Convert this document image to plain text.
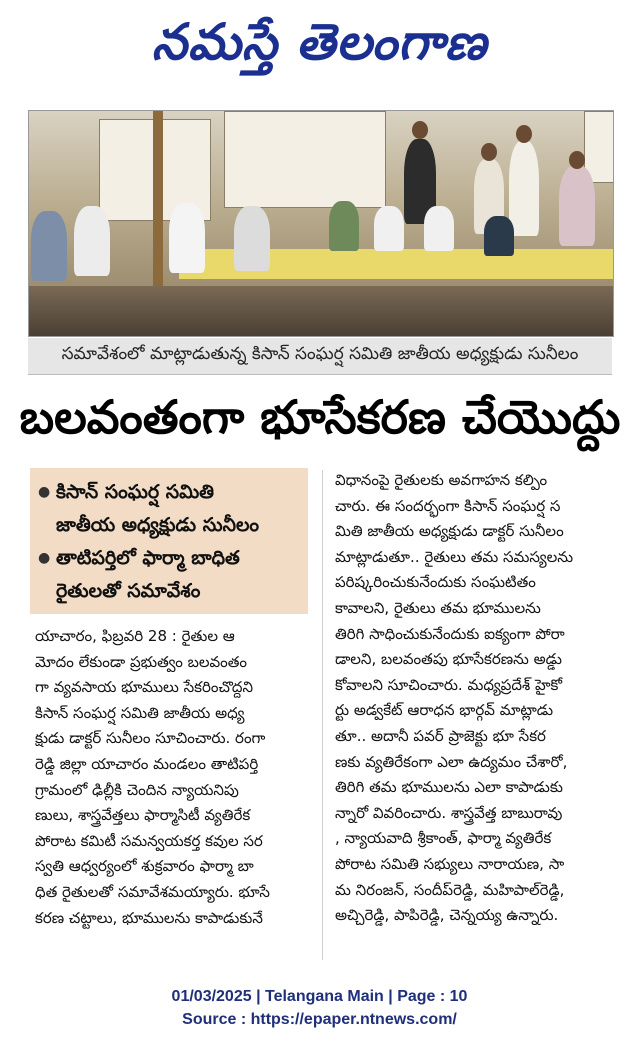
నమస్తే తెలంగాణ
సమావేశంలో మాట్లాడుతున్న కిసాన్ సంఘర్ష సమితి జాతీయ అధ్యక్షుడు సునీలం
బలవంతంగా భూసేకరణ చేయొద్దు
● కిసాన్ సంఘర్ష సమితి
జాతీయ అధ్యక్షుడు సునీలం
● తాటిపర్తిలో ఫార్మా బాధిత
రైతులతో సమావేశం

యాచారం, ఫిబ్రవరి 28 : రైతుల ఆ

మోదం లేకుండా ప్రభుత్వం బలవంతం

గా వ్యవసాయ భూములు సేకరించొద్దని

కిసాన్ సంఘర్ష సమితి జాతీయ అధ్య

క్షుడు డాక్టర్ సునీలం సూచించారు. రంగా

రెడ్డి జిల్లా యాచారం మండలం తాటిపర్తి

గ్రామంలో ఢిల్లీకి చెందిన న్యాయనిపు

ణులు, శాస్త్రవేత్తలు ఫార్మాసిటీ వ్యతిరేక

పోరాట కమిటీ సమన్వయకర్త కవుల సర

స్వతి ఆధ్వర్యంలో శుక్రవారం ఫార్మా బా

ధిత రైతులతో సమావేశమయ్యారు. భూసే

కరణ చట్టాలు, భూములను కాపాడుకునే

విధానంపై రైతులకు అవగాహన కల్పిం

చారు. ఈ సందర్భంగా కిసాన్ సంఘర్ష స

మితి జాతీయ అధ్యక్షుడు డాక్టర్ సునీలం

మాట్లాడుతూ.. రైతులు తమ సమస్యలను

పరిష్కరించుకునేందుకు సంఘటితం

కావాలని, రైతులు తమ భూములను

తిరిగి సాధించుకునేందుకు ఐక్యంగా పోరా

డాలని, బలవంతపు భూసేకరణను అడ్డు

కోవాలని సూచించారు. మధ్యప్రదేశ్ హైకో

ర్టు అడ్వకేట్ ఆరాధన భార్గవ్ మాట్లాడు

తూ.. అదానీ పవర్ ప్రాజెక్టు భూ సేకర

ణకు వ్యతిరేకంగా ఎలా ఉద్యమం చేశారో,

తిరిగి తమ భూములను ఎలా కాపాడుకు

న్నారో వివరించారు. శాస్త్రవేత్త బాబురావు

, న్యాయవాది శ్రీకాంత్, ఫార్మా వ్యతిరేక

పోరాట సమితి సభ్యులు నారాయణ, సా

మ నిరంజన్, సందీప్‌రెడ్డి, మహిపాల్‌రెడ్డి,

అచ్చిరెడ్డి, పాపిరెడ్డి, చెన్నయ్య ఉన్నారు.

01/03/2025 | Telangana Main | Page : 10
Source : https://epaper.ntnews.com/
